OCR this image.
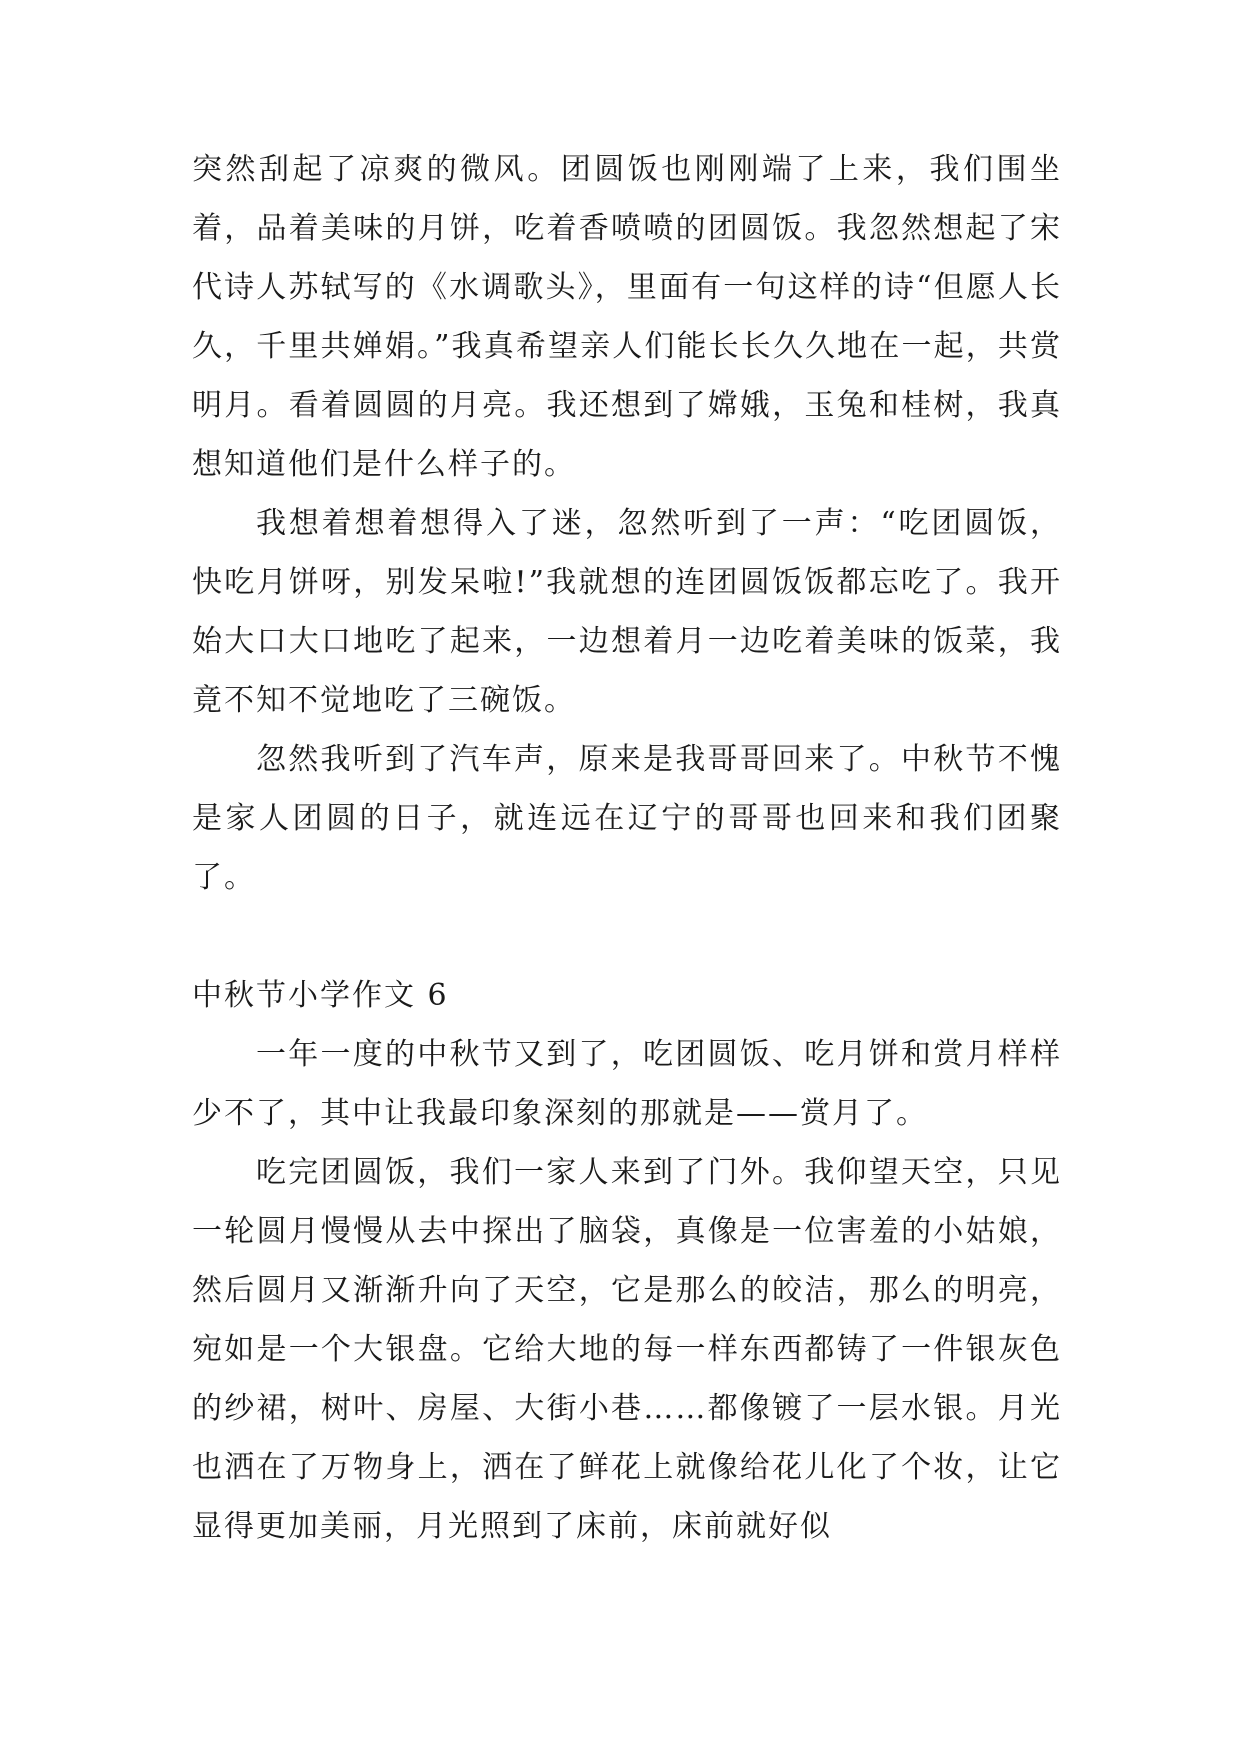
突然刮起了凉爽的微风。团圆饭也刚刚端了上来，我们围坐着，品着美味的月饼，吃着香喷喷的团圆饭。我忽然想起了宋代诗人苏轼写的《水调歌头》，里面有一句这样的诗“但愿人长久，千里共婵娟。”我真希望亲人们能长长久久地在一起，共赏明月。看着圆圆的月亮。我还想到了嫦娥，玉兔和桂树，我真想知道他们是什么样子的。

我想着想着想得入了迷，忽然听到了一声：“吃团圆饭，快吃月饼呀，别发呆啦!”我就想的连团圆饭饭都忘吃了。我开始大口大口地吃了起来，一边想着月一边吃着美味的饭菜，我竟不知不觉地吃了三碗饭。

忽然我听到了汽车声，原来是我哥哥回来了。中秋节不愧是家人团圆的日子，就连远在辽宁的哥哥也回来和我们团聚了。

中秋节小学作文 6

一年一度的中秋节又到了，吃团圆饭、吃月饼和赏月样样少不了，其中让我最印象深刻的那就是——赏月了。

吃完团圆饭，我们一家人来到了门外。我仰望天空，只见一轮圆月慢慢从去中探出了脑袋，真像是一位害羞的小姑娘，然后圆月又渐渐升向了天空，它是那么的皎洁，那么的明亮，宛如是一个大银盘。它给大地的每一样东西都铸了一件银灰色的纱裙，树叶、房屋、大街小巷……都像镀了一层水银。月光也洒在了万物身上，洒在了鲜花上就像给花儿化了个妆，让它显得更加美丽，月光照到了床前，床前就好似
